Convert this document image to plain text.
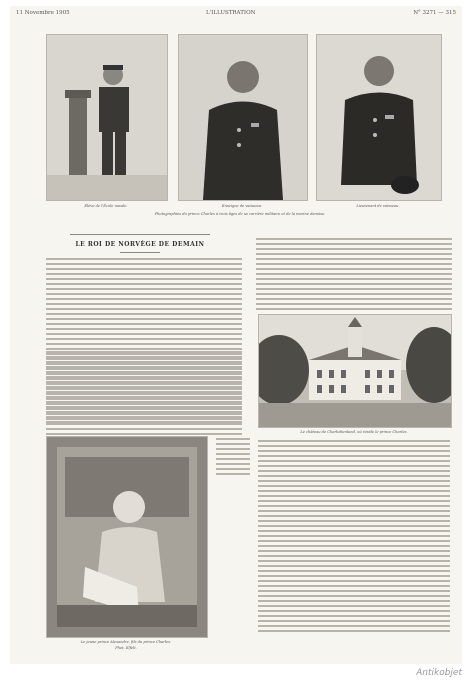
11 Novembre 1905	L'ILLUSTRATION	N° 3271 — 315
Élève de l'École navale.	Enseigne de vaisseau.	Lieutenant de vaisseau.
Photographies du prince Charles à trois âges de sa carrière militaire et de la marine danoise.
LE ROI DE NORVÈGE DE DEMAIN
Le château de Charlottenlund, où réside le prince Charles.
Le jeune prince Alexandre, fils du prince Charles.
Phot. Elfelt.
Antikobjet
